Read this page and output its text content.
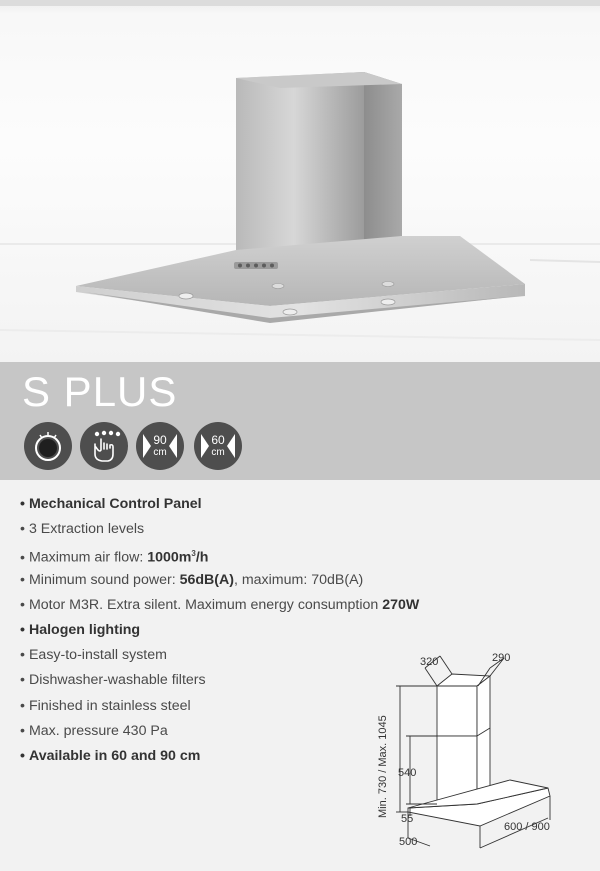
S PLUS
90
cm
60
cm
• Mechanical Control Panel
• 3 Extraction levels
• Maximum air flow: $1000m^3/h$
• Minimum sound power: 56dB(A), maximum: 70dB(A)
• Motor M3R. Extra silent. Maximum energy consumption 270W
• Halogen lighting
• Easy-to-install system
• Dishwasher-washable filters
• Finished in stainless steel
• Max. pressure 430 Pa
• Available in 60 and 90 cm
320	290
Min. 730 / Max. 1045 540
55
500
600 / 900
